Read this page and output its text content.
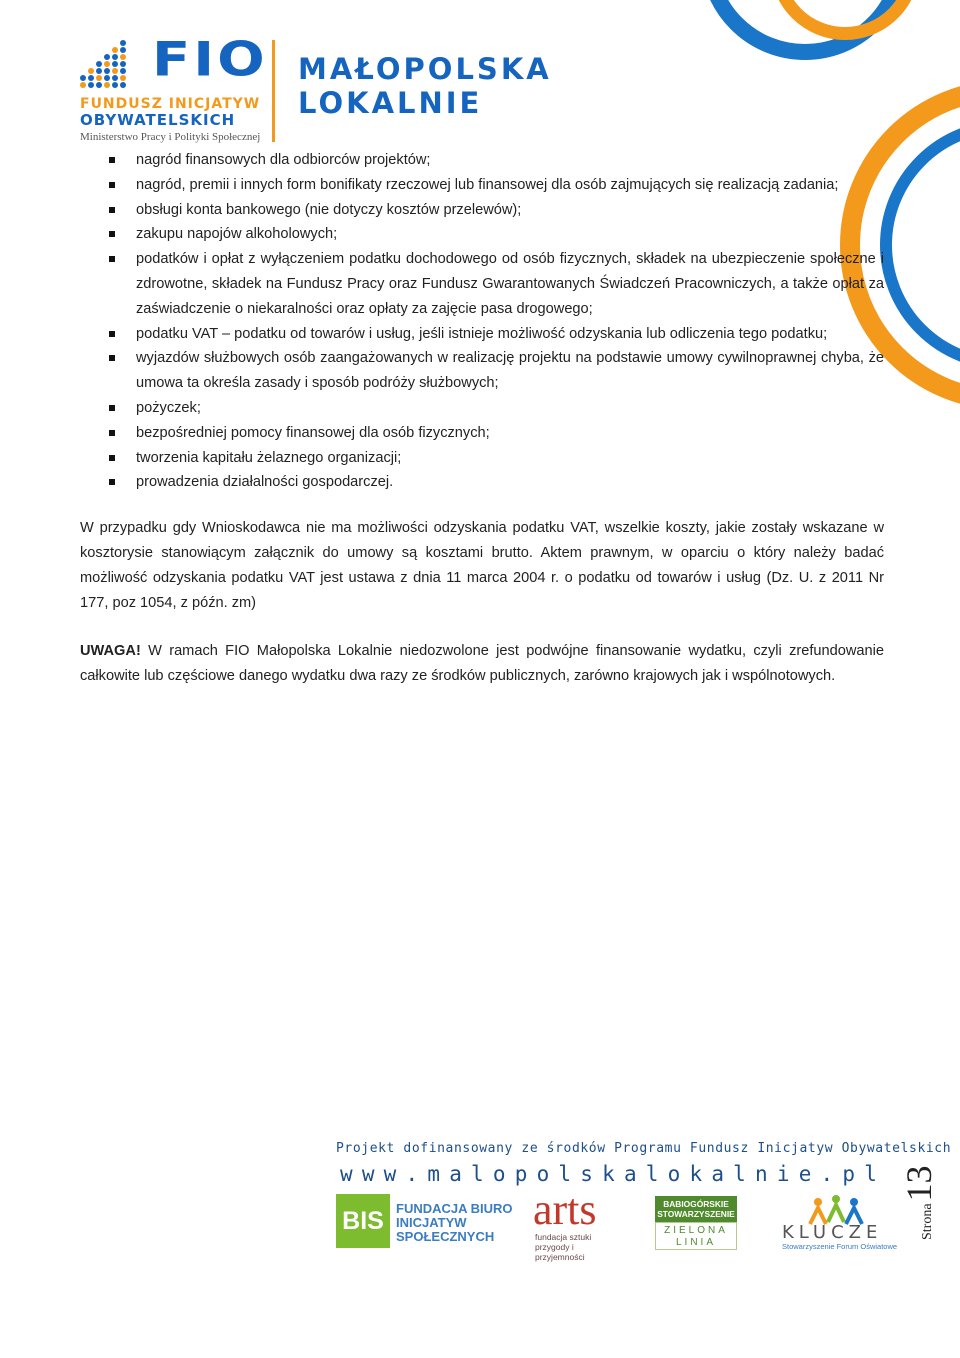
FIO
FUNDUSZ INICJATYW
OBYWATELSKICH
Ministerstwo Pracy i Polityki Społecznej
MAŁOPOLSKA
LOKALNIE
nagród finansowych dla odbiorców projektów;
nagród, premii i innych form bonifikaty rzeczowej lub finansowej dla osób zajmujących się realizacją zadania;
obsługi konta bankowego (nie dotyczy kosztów przelewów);
zakupu napojów alkoholowych;
podatków i opłat z wyłączeniem podatku dochodowego od osób fizycznych, składek na ubezpieczenie społeczne i zdrowotne, składek na Fundusz Pracy oraz Fundusz Gwarantowanych Świadczeń Pracowniczych, a także opłat za zaświadczenie o niekaralności oraz opłaty za zajęcie pasa drogowego;
podatku VAT – podatku od towarów i usług, jeśli istnieje możliwość odzyskania lub odliczenia tego podatku;
wyjazdów służbowych osób zaangażowanych w realizację projektu na podstawie umowy cywilnoprawnej chyba, że umowa ta określa zasady i sposób podróży służbowych;
pożyczek;
bezpośredniej pomocy finansowej dla osób fizycznych;
tworzenia kapitału żelaznego organizacji;
prowadzenia działalności gospodarczej.

W przypadku gdy Wnioskodawca nie ma możliwości odzyskania podatku VAT, wszelkie koszty, jakie zostały wskazane w kosztorysie stanowiącym załącznik do umowy są kosztami brutto. Aktem prawnym, w oparciu o który należy badać możliwość odzyskania podatku VAT jest ustawa z dnia 11 marca 2004 r. o podatku od towarów i usług (Dz. U. z 2011 Nr 177, poz 1054, z późn. zm)

UWAGA! W ramach FIO Małopolska Lokalnie niedozwolone jest podwójne finansowanie wydatku, czyli zrefundowanie całkowite lub częściowe danego wydatku dwa razy ze środków publicznych, zarówno krajowych jak i wspólnotowych.

Projekt dofinansowany ze środków Programu Fundusz Inicjatyw Obywatelskich
www.malopolskalokalnie.pl
BIS FUNDACJA BIURO INICJATYW SPOŁECZNYCH
arts
fundacja sztuki przygody i przyjemności
BABIOGÓRSKIE STOWARZYSZENIE
ZIELONA LINIA	KLUCZE
Stowarzyszenie Forum Oświatowe
Strona13
